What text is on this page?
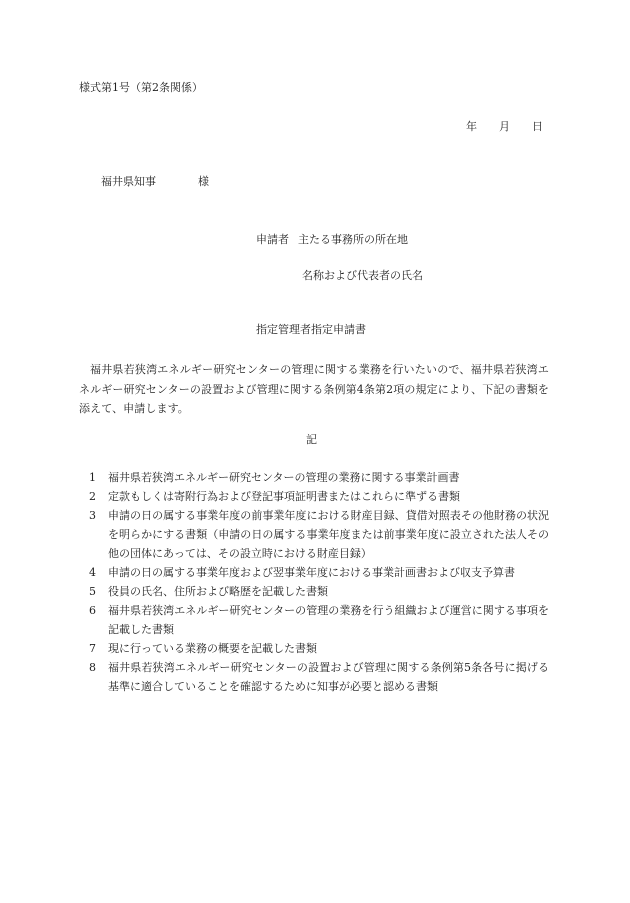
様式第1号（第2条関係）
年 月 日
福井県知事	様
申請者 主たる事務所の所在地
名称および代表者の氏名
指定管理者指定申請書

福井県若狭湾エネルギー研究センターの管理に関する業務を行いたいので、福井県若狭湾エネルギー研究センターの設置および管理に関する条例第4条第2項の規定により、下記の書類を添えて、申請します。

記
1 福井県若狭湾エネルギー研究センターの管理の業務に関する事業計画書
2 定款もしくは寄附行為および登記事項証明書またはこれらに準ずる書類
3 申請の日の属する事業年度の前事業年度における財産目録、貸借対照表その他財務の状況を明らかにする書類（申請の日の属する事業年度または前事業年度に設立された法人その他の団体にあっては、その設立時における財産目録）
4 申請の日の属する事業年度および翌事業年度における事業計画書および収支予算書
5 役員の氏名、住所および略歴を記載した書類
6 福井県若狭湾エネルギー研究センターの管理の業務を行う組織および運営に関する事項を記載した書類
7 現に行っている業務の概要を記載した書類
8 福井県若狭湾エネルギー研究センターの設置および管理に関する条例第5条各号に掲げる基準に適合していることを確認するために知事が必要と認める書類
